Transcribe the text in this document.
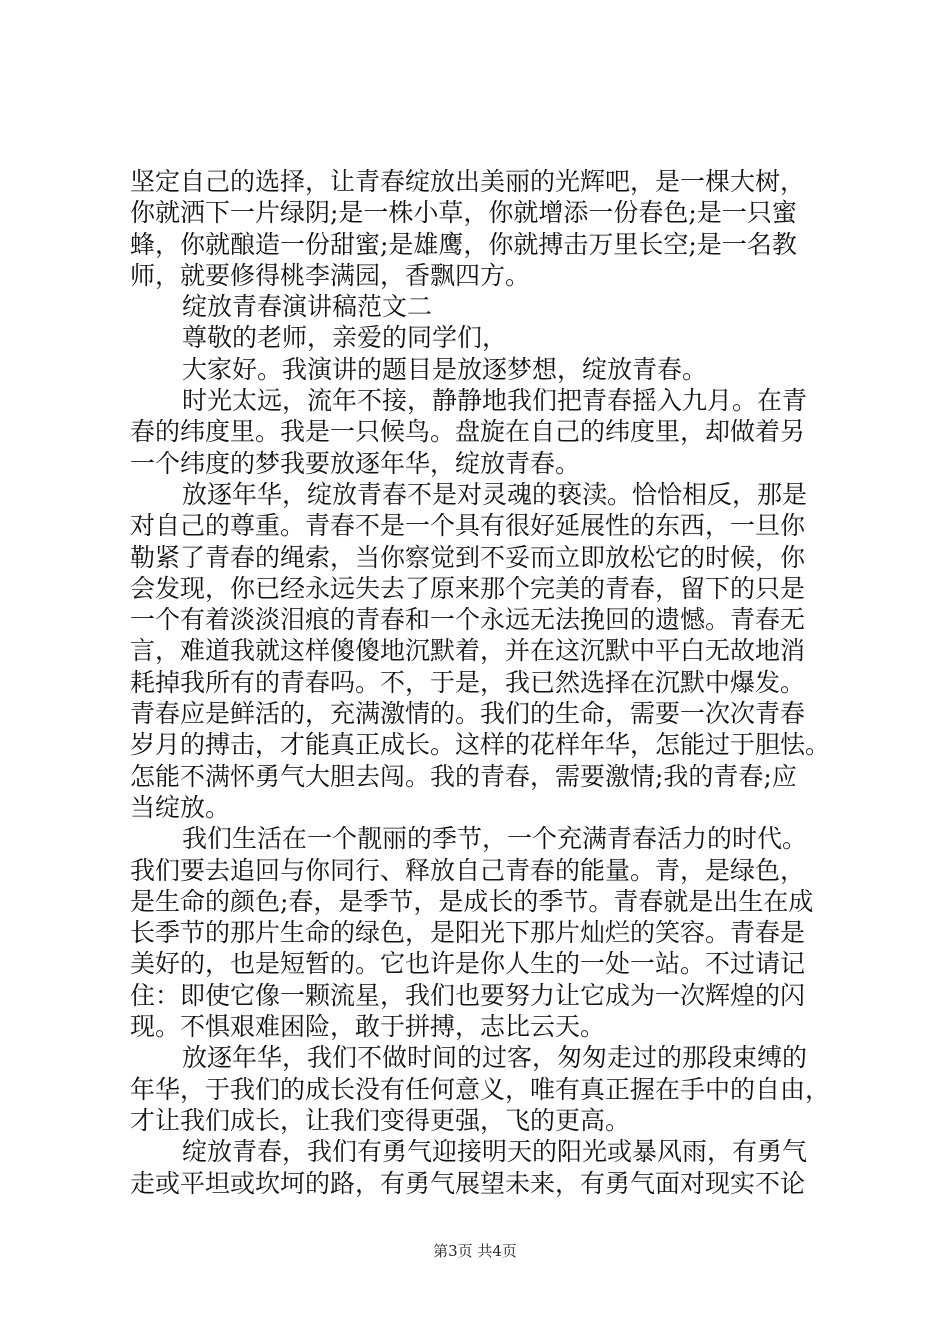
坚定自己的选择，让青春绽放出美丽的光辉吧，是一棵大树，
你就洒下一片绿阴;是一株小草，你就增添一份春色;是一只蜜
蜂，你就酿造一份甜蜜;是雄鹰，你就搏击万里长空;是一名教
师，就要修得桃李满园，香飘四方。
绽放青春演讲稿范文二
尊敬的老师，亲爱的同学们，
大家好。我演讲的题目是放逐梦想，绽放青春。
时光太远，流年不接，静静地我们把青春摇入九月。在青
春的纬度里。我是一只候鸟。盘旋在自己的纬度里，却做着另
一个纬度的梦我要放逐年华，绽放青春。
放逐年华，绽放青春不是对灵魂的亵渎。恰恰相反，那是
对自己的尊重。青春不是一个具有很好延展性的东西，一旦你
勒紧了青春的绳索，当你察觉到不妥而立即放松它的时候，你
会发现，你已经永远失去了原来那个完美的青春，留下的只是
一个有着淡淡泪痕的青春和一个永远无法挽回的遗憾。青春无
言，难道我就这样傻傻地沉默着，并在这沉默中平白无故地消
耗掉我所有的青春吗。不，于是，我已然选择在沉默中爆发。
青春应是鲜活的，充满激情的。我们的生命，需要一次次青春
岁月的搏击，才能真正成长。这样的花样年华，怎能过于胆怯。
怎能不满怀勇气大胆去闯。我的青春，需要激情;我的青春;应
当绽放。
我们生活在一个靓丽的季节，一个充满青春活力的时代。
我们要去追回与你同行、释放自己青春的能量。青，是绿色，
是生命的颜色;春，是季节，是成长的季节。青春就是出生在成
长季节的那片生命的绿色，是阳光下那片灿烂的笑容。青春是
美好的，也是短暂的。它也许是你人生的一处一站。不过请记
住：即使它像一颗流星，我们也要努力让它成为一次辉煌的闪
现。不惧艰难困险，敢于拼搏，志比云天。
放逐年华，我们不做时间的过客，匆匆走过的那段束缚的
年华，于我们的成长没有任何意义，唯有真正握在手中的自由，
才让我们成长，让我们变得更强，飞的更高。
绽放青春，我们有勇气迎接明天的阳光或暴风雨，有勇气
走或平坦或坎坷的路，有勇气展望未来，有勇气面对现实不论
第3页 共4页
